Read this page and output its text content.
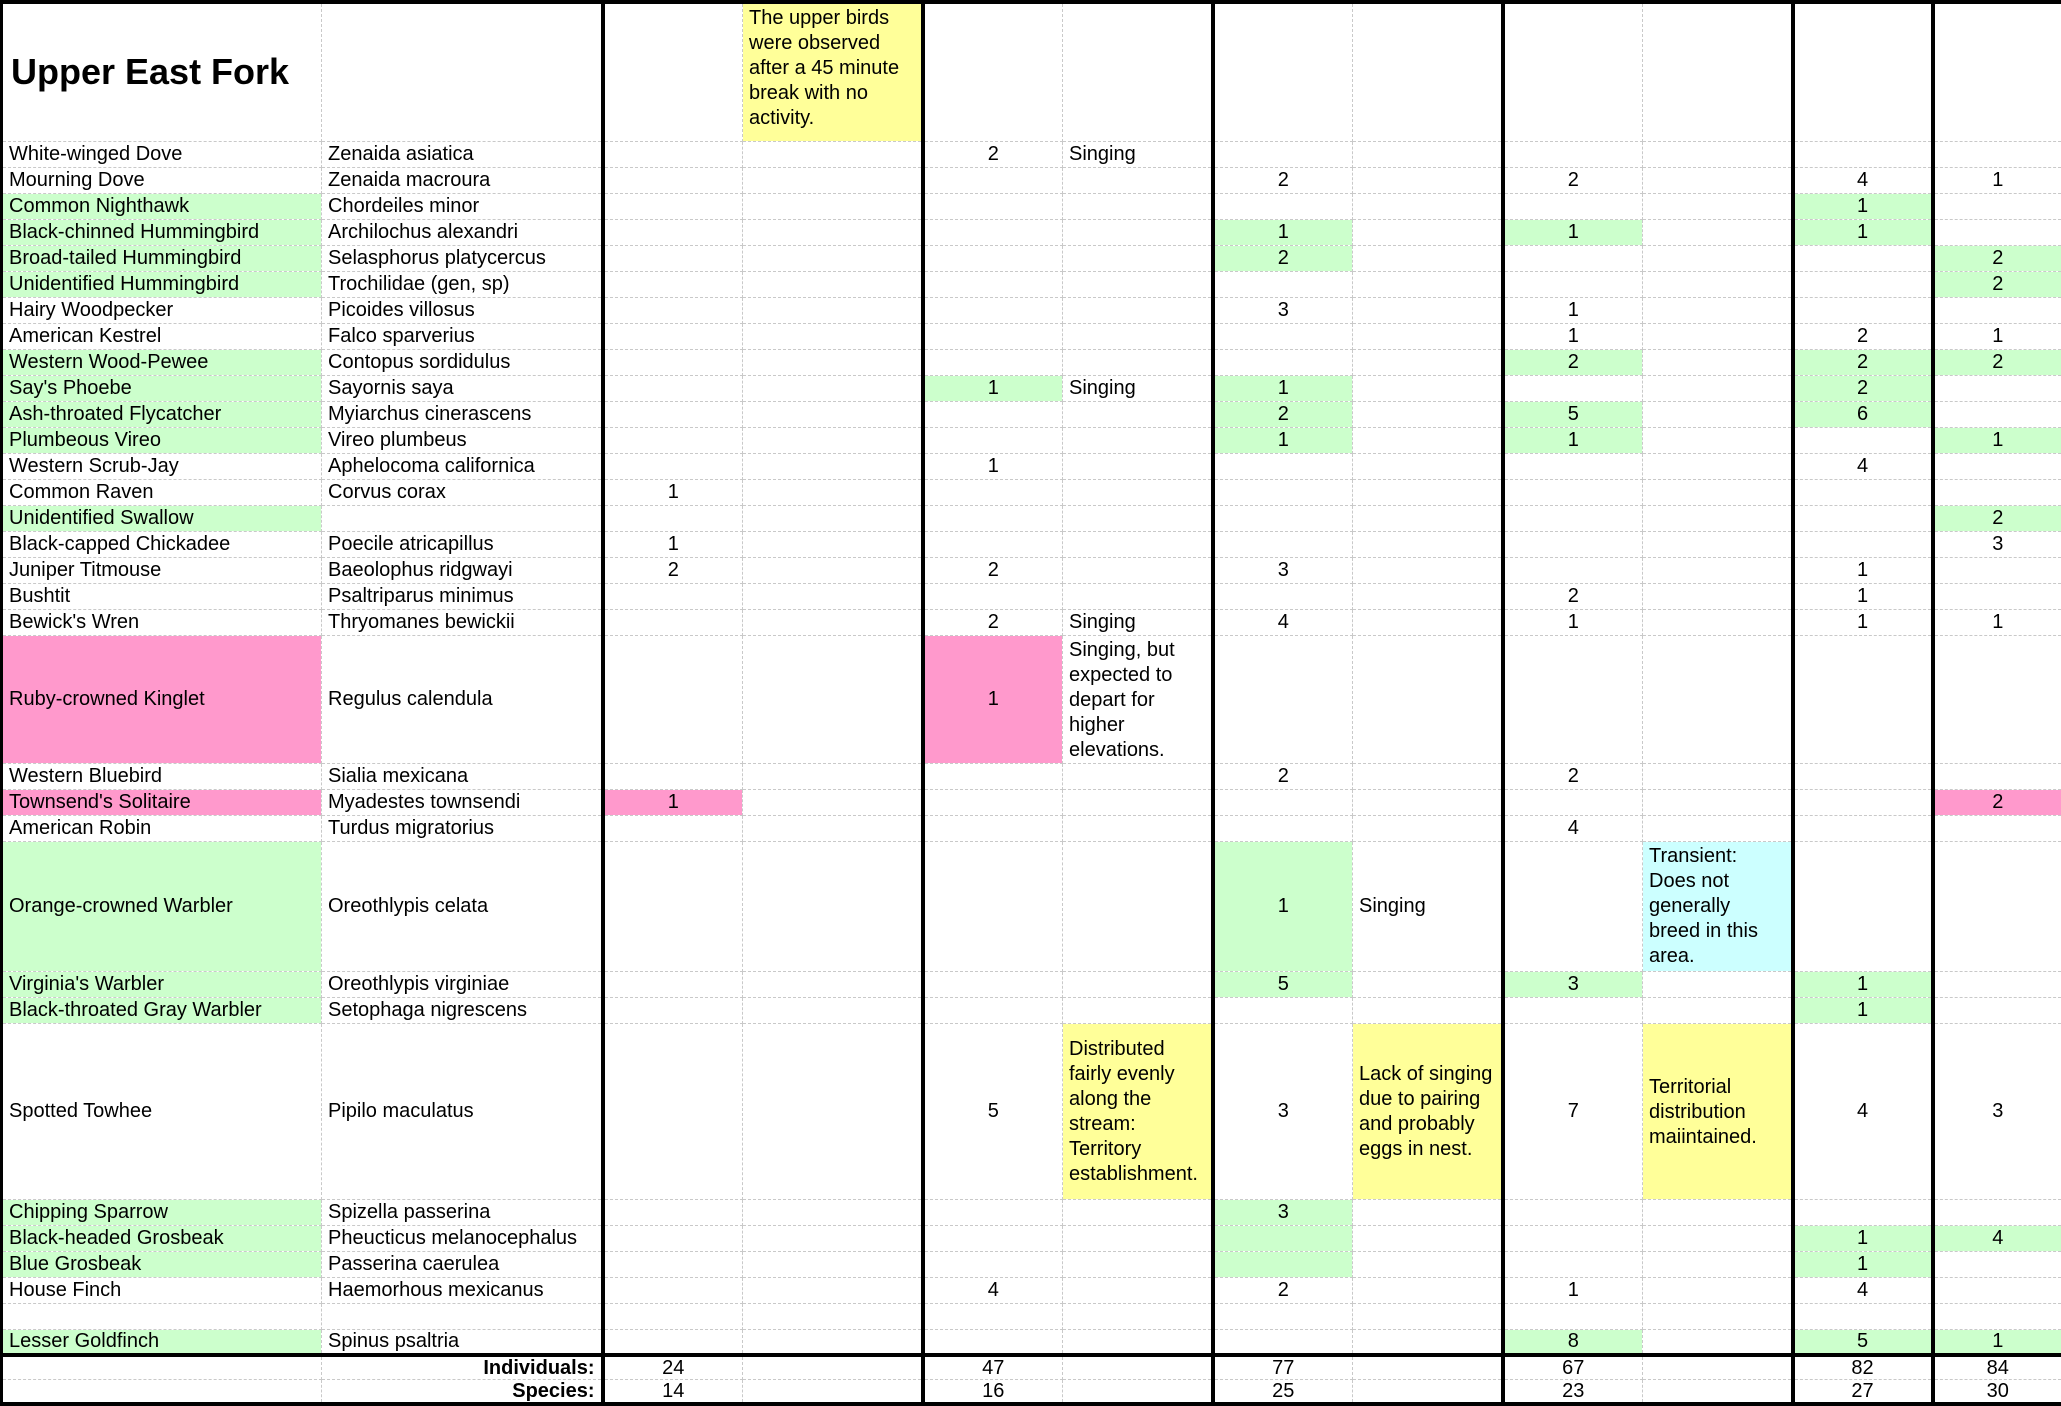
Upper East Fork			The upper birds were observed after a 45 minute break with no activity.								
White-winged Dove	Zenaida asiatica			2	Singing						
Mourning Dove	Zenaida macroura					2		2		4	1
Common Nighthawk	Chordeiles minor									1	
Black-chinned Hummingbird	Archilochus alexandri					1		1		1	
Broad-tailed Hummingbird	Selasphorus platycercus					2					2
Unidentified Hummingbird	Trochilidae (gen, sp)										2
Hairy Woodpecker	Picoides villosus					3		1			
American Kestrel	Falco sparverius							1		2	1
Western Wood-Pewee	Contopus sordidulus							2		2	2
Say's Phoebe	Sayornis saya			1	Singing	1				2	
Ash-throated Flycatcher	Myiarchus cinerascens					2		5		6	
Plumbeous Vireo	Vireo plumbeus					1		1			1
Western Scrub-Jay	Aphelocoma californica			1						4	
Common Raven	Corvus corax	1									
Unidentified Swallow											2
Black-capped Chickadee	Poecile atricapillus	1									3
Juniper Titmouse	Baeolophus ridgwayi	2		2		3				1	
Bushtit	Psaltriparus minimus							2		1	
Bewick's Wren	Thryomanes bewickii			2	Singing	4		1		1	1
Ruby-crowned Kinglet	Regulus calendula			1	Singing, but expected to depart for higher elevations.						
Western Bluebird	Sialia mexicana					2		2			
Townsend's Solitaire	Myadestes townsendi	1									2
American Robin	Turdus migratorius							4			
Orange-crowned Warbler	Oreothlypis celata					1	Singing		Transient: Does not generally breed in this area.		
Virginia's Warbler	Oreothlypis virginiae					5		3		1	
Black-throated Gray Warbler	Setophaga nigrescens									1	
Spotted Towhee	Pipilo maculatus			5	Distributed fairly evenly along the stream: Territory establishment.	3	Lack of singing due to pairing and probably eggs in nest.	7	Territorial distribution maiintained.	4	3
Chipping Sparrow	Spizella passerina					3					
Black-headed Grosbeak	Pheucticus melanocephalus									1	4
Blue Grosbeak	Passerina caerulea									1	
House Finch	Haemorhous mexicanus			4		2		1		4	

Lesser Goldfinch	Spinus psaltria							8		5	1
	Individuals:	24		47		77		67		82	84
	Species:	14		16		25		23		27	30
